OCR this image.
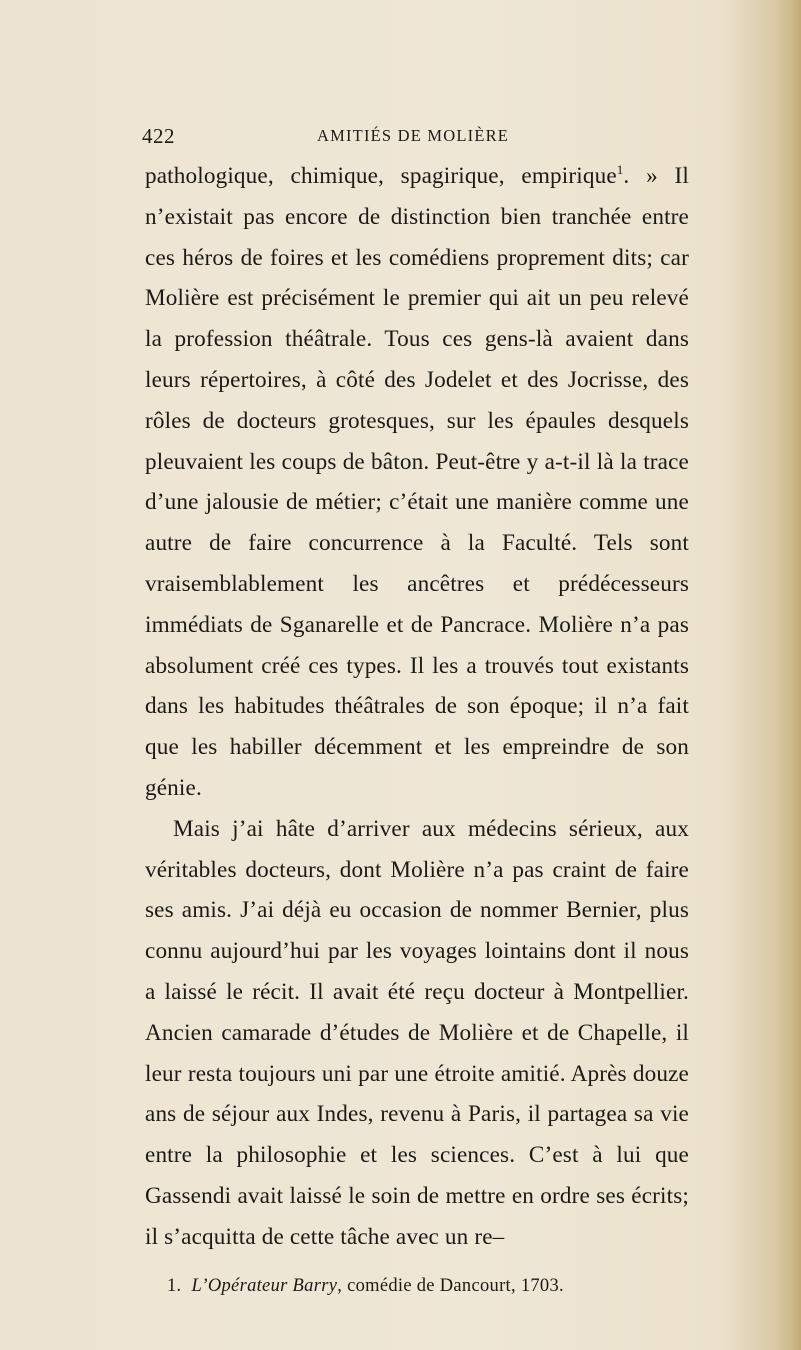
422	AMITIÉS DE MOLIÈRE

pathologique, chimique, spagirique, empirique$^1$. » Il n’existait pas encore de distinction bien tranchée entre ces héros de foires et les comédiens proprement dits; car Molière est précisément le premier qui ait un peu relevé la profession théâtrale. Tous ces gens-là avaient dans leurs répertoires, à côté des Jodelet et des Jocrisse, des rôles de docteurs grotesques, sur les épaules desquels pleuvaient les coups de bâton. Peut-être y a-t-il là la trace d’une jalousie de métier; c’était une manière comme une autre de faire concurrence à la Faculté. Tels sont vraisemblablement les ancêtres et prédécesseurs immédiats de Sganarelle et de Pancrace. Molière n’a pas absolument créé ces types. Il les a trouvés tout existants dans les habitudes théâtrales de son époque; il n’a fait que les habiller décemment et les empreindre de son génie.

Mais j’ai hâte d’arriver aux médecins sérieux, aux véritables docteurs, dont Molière n’a pas craint de faire ses amis. J’ai déjà eu occasion de nommer Bernier, plus connu aujourd’hui par les voyages lointains dont il nous a laissé le récit. Il avait été reçu docteur à Montpellier. Ancien camarade d’études de Molière et de Chapelle, il leur resta toujours uni par une étroite amitié. Après douze ans de séjour aux Indes, revenu à Paris, il partagea sa vie entre la philosophie et les sciences. C’est à lui que Gassendi avait laissé le soin de mettre en ordre ses écrits; il s’acquitta de cette tâche avec un re–

1. L’Opérateur Barry, comédie de Dancourt, 1703.
